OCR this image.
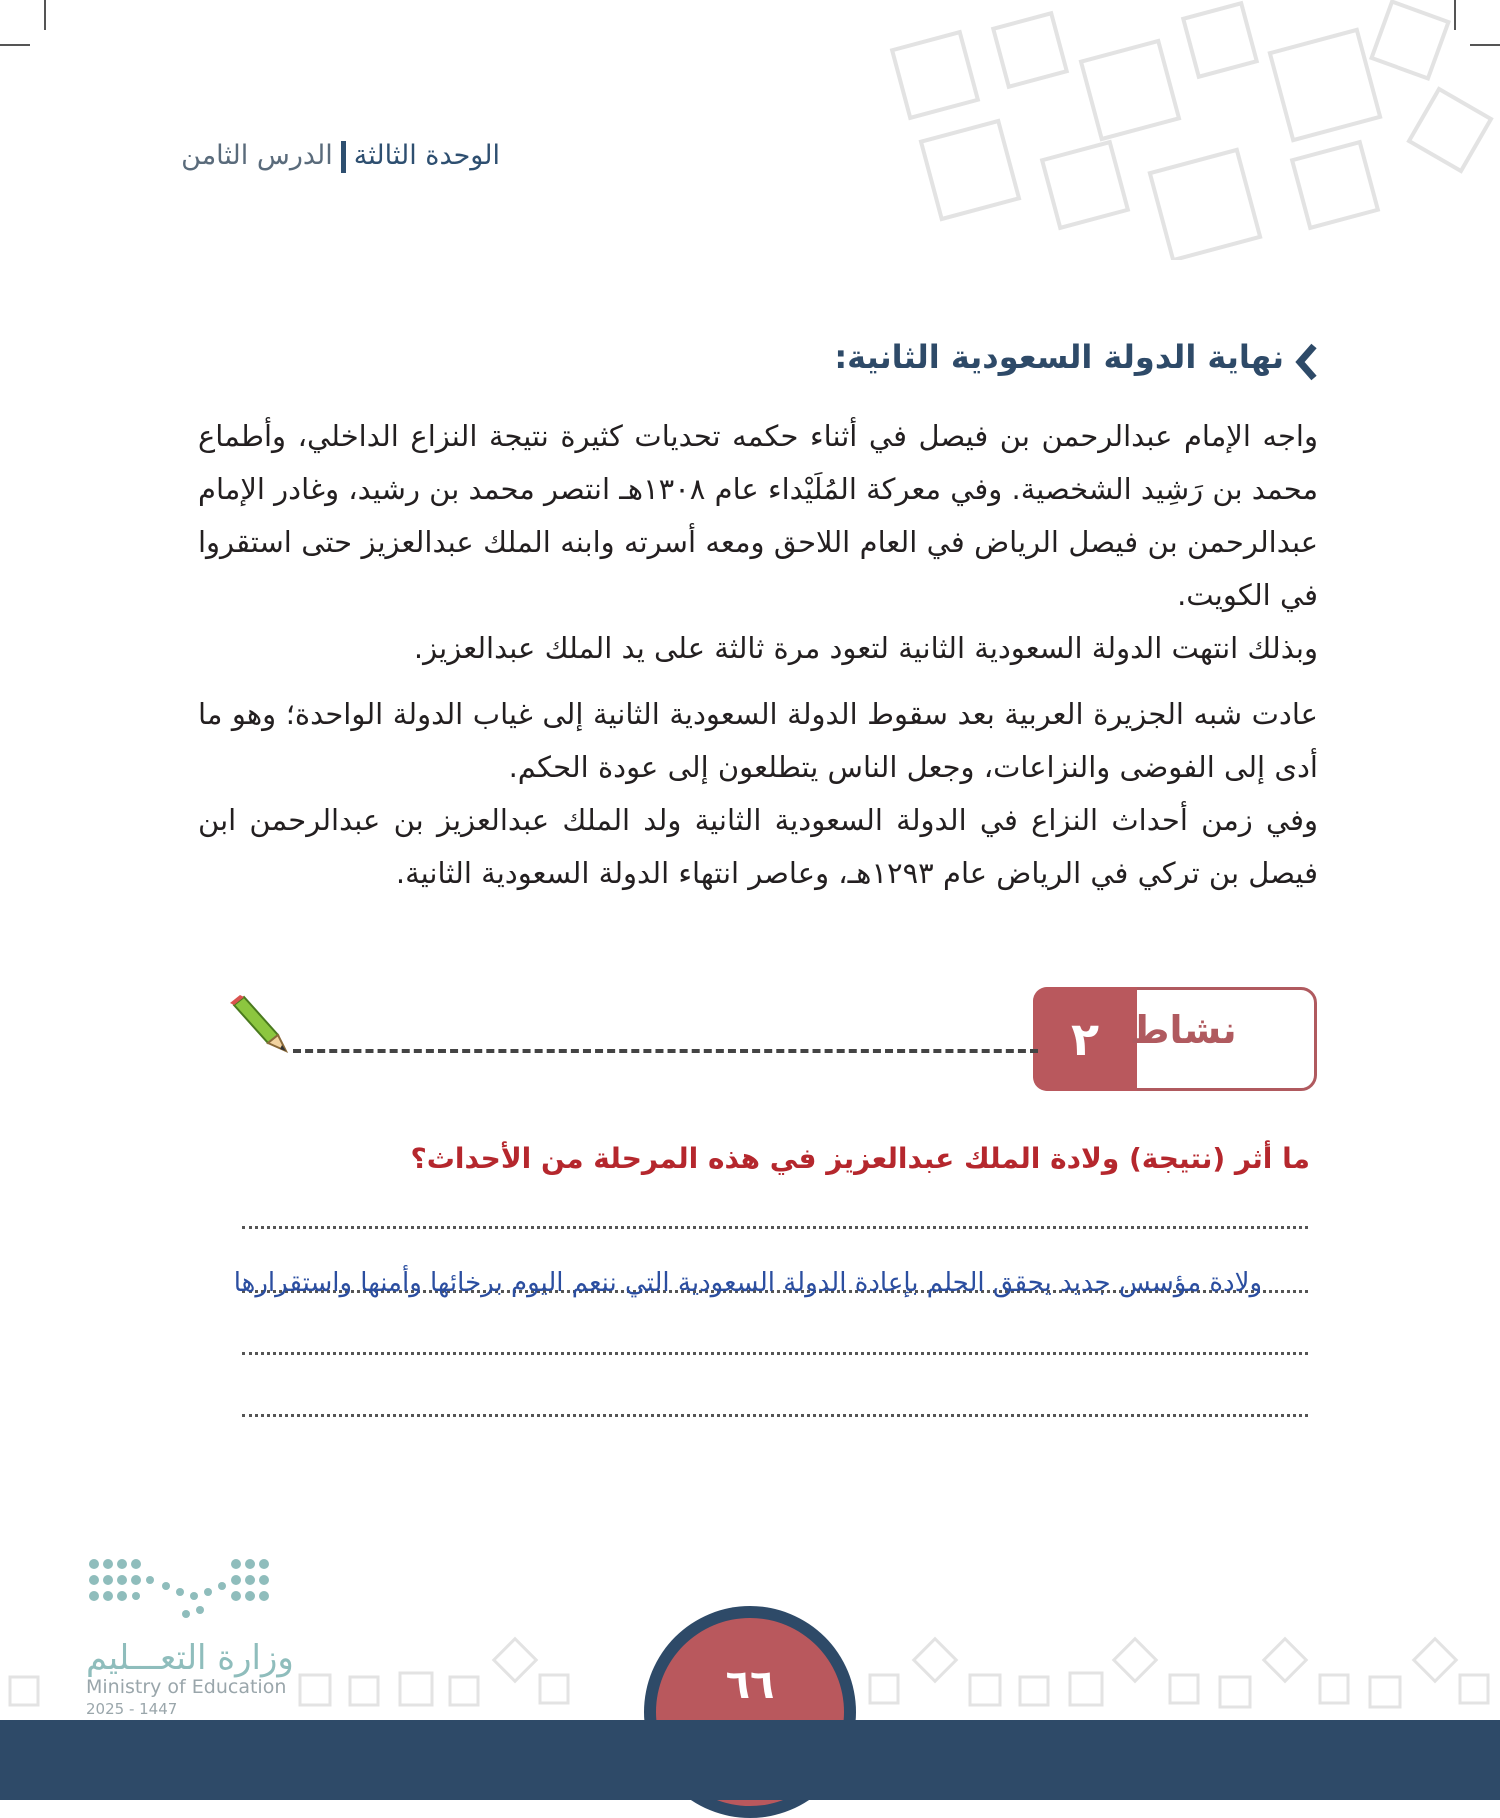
الوحدة الثالثةالدرس الثامن
نهاية الدولة السعودية الثانية:
واجه الإمام عبدالرحمن بن فيصل في أثناء حكمه تحديات كثيرة نتيجة النزاع الداخلي، وأطماع محمد بن رَشِيد الشخصية. وفي معركة المُلَيْداء عام ١٣٠٨هـ انتصر محمد بن رشيد، وغادر الإمام عبدالرحمن بن فيصل الرياض في العام اللاحق ومعه أسرته وابنه الملك عبدالعزيز حتى استقروا في الكويت.
وبذلك انتهت الدولة السعودية الثانية لتعود مرة ثالثة على يد الملك عبدالعزيز.
عادت شبه الجزيرة العربية بعد سقوط الدولة السعودية الثانية إلى غياب الدولة الواحدة؛ وهو ما أدى إلى الفوضى والنزاعات، وجعل الناس يتطلعون إلى عودة الحكم.
وفي زمن أحداث النزاع في الدولة السعودية الثانية ولد الملك عبدالعزيز بن عبدالرحمن ابن فيصل بن تركي في الرياض عام ١٢٩٣هـ، وعاصر انتهاء الدولة السعودية الثانية.
٢ نشاط
ما أثر (نتيجة) ولادة الملك عبدالعزيز في هذه المرحلة من الأحداث؟
ولادة مؤسس جديد يحقق الحلم بإعادة الدولة السعودية التي ننعم اليوم برخائها وأمنها واستقرارها
٦٦
وزارة التعـــليم
Ministry of Education
2025 - 1447
